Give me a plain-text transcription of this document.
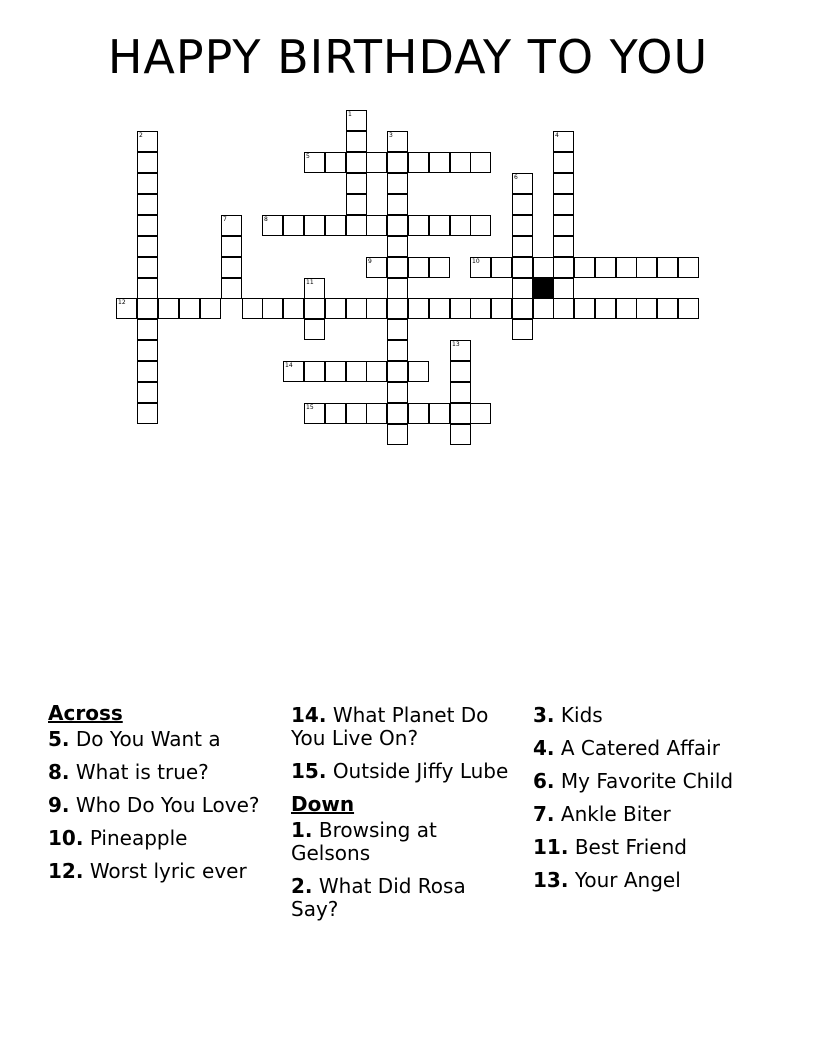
HAPPY BIRTHDAY TO YOU
1
2	3	4
5
6
7	8
9	10
11
12
13
14
15
Across
5. Do You Want a
8. What is true?
9. Who Do You Love?
10. Pineapple
12. Worst lyric ever
14. What Planet Do You Live On?
15. Outside Jiffy Lube
Down
1. Browsing at Gelsons
2. What Did Rosa Say?
3. Kids
4. A Catered Affair
6. My Favorite Child
7. Ankle Biter
11. Best Friend
13. Your Angel
